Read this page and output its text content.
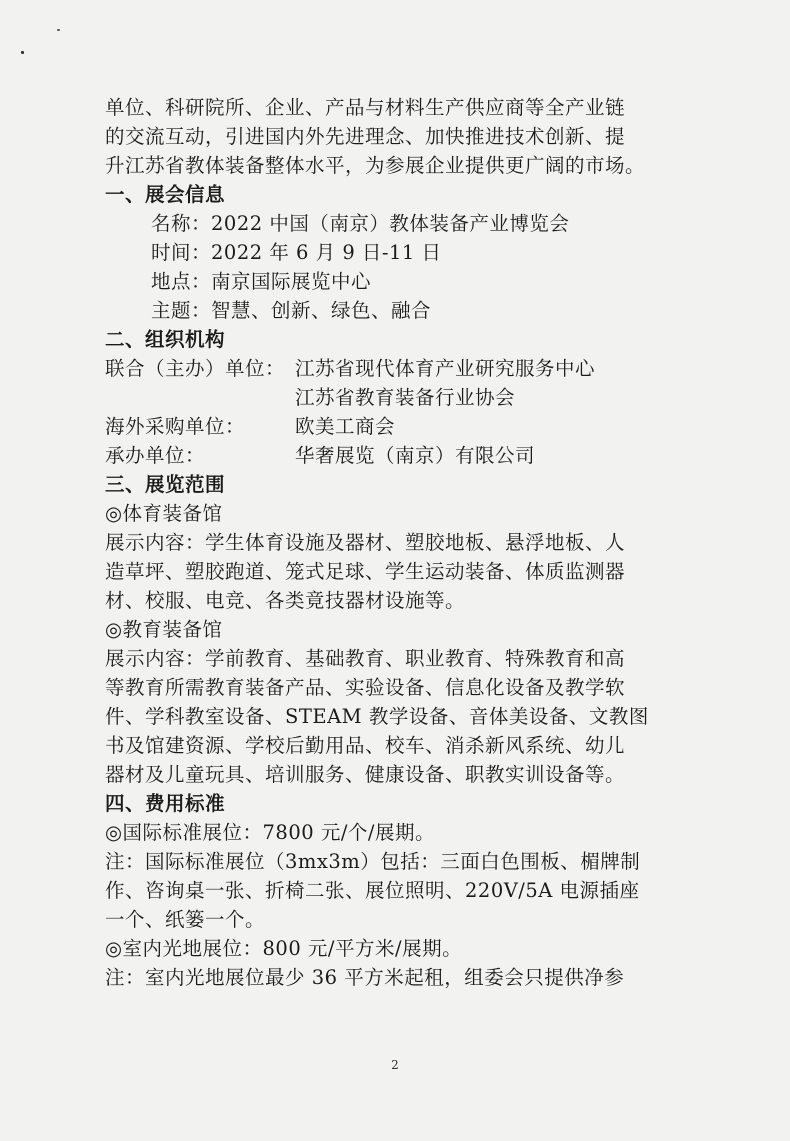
单位、科研院所、企业、产品与材料生产供应商等全产业链
的交流互动，引进国内外先进理念、加快推进技术创新、提
升江苏省教体装备整体水平，为参展企业提供更广阔的市场。
一、展会信息
名称：2022 中国（南京）教体装备产业博览会
时间：2022 年 6 月 9 日-11 日
地点：南京国际展览中心
主题：智慧、创新、绿色、融合
二、组织机构
联合（主办）单位： 江苏省现代体育产业研究服务中心
江苏省教育装备行业协会
海外采购单位：	欧美工商会
承办单位：	华奢展览（南京）有限公司
三、展览范围
◎体育装备馆
展示内容：学生体育设施及器材、塑胶地板、悬浮地板、人
造草坪、塑胶跑道、笼式足球、学生运动装备、体质监测器
材、校服、电竞、各类竟技器材设施等。
◎教育装备馆
展示内容：学前教育、基础教育、职业教育、特殊教育和高
等教育所需教育装备产品、实验设备、信息化设备及教学软
件、学科教室设备、STEAM 教学设备、音体美设备、文教图
书及馆建资源、学校后勤用品、校车、消杀新风系统、幼儿
器材及儿童玩具、培训服务、健康设备、职教实训设备等。
四、费用标准
◎国际标准展位：7800 元/个/展期。
注：国际标准展位（3mx3m）包括：三面白色围板、楣牌制
作、咨询桌一张、折椅二张、展位照明、220V/5A 电源插座
一个、纸篓一个。
◎室内光地展位：800 元/平方米/展期。
注：室内光地展位最少 36 平方米起租，组委会只提供净参
2
